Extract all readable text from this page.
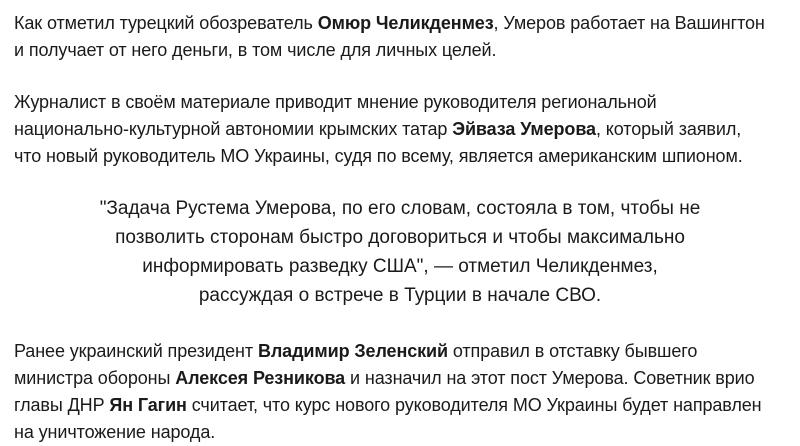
Как отметил турецкий обозреватель Омюр Челикденмез, Умеров работает на Вашингтон
и получает от него деньги, в том числе для личных целей.

Журналист в своём материале приводит мнение руководителя региональной
национально-культурной автономии крымских татар Эйваза Умерова, который заявил,
что новый руководитель МО Украины, судя по всему, является американским шпионом.

"Задача Рустема Умерова, по его словам, состояла в том, чтобы не
позволить сторонам быстро договориться и чтобы максимально
информировать разведку США", — отметил Челикденмез,
рассуждая о встрече в Турции в начале СВО.

Ранее украинский президент Владимир Зеленский отправил в отставку бывшего
министра обороны Алексея Резникова и назначил на этот пост Умерова. Советник врио
главы ДНР Ян Гагин считает, что курс нового руководителя МО Украины будет направлен
на уничтожение народа.
